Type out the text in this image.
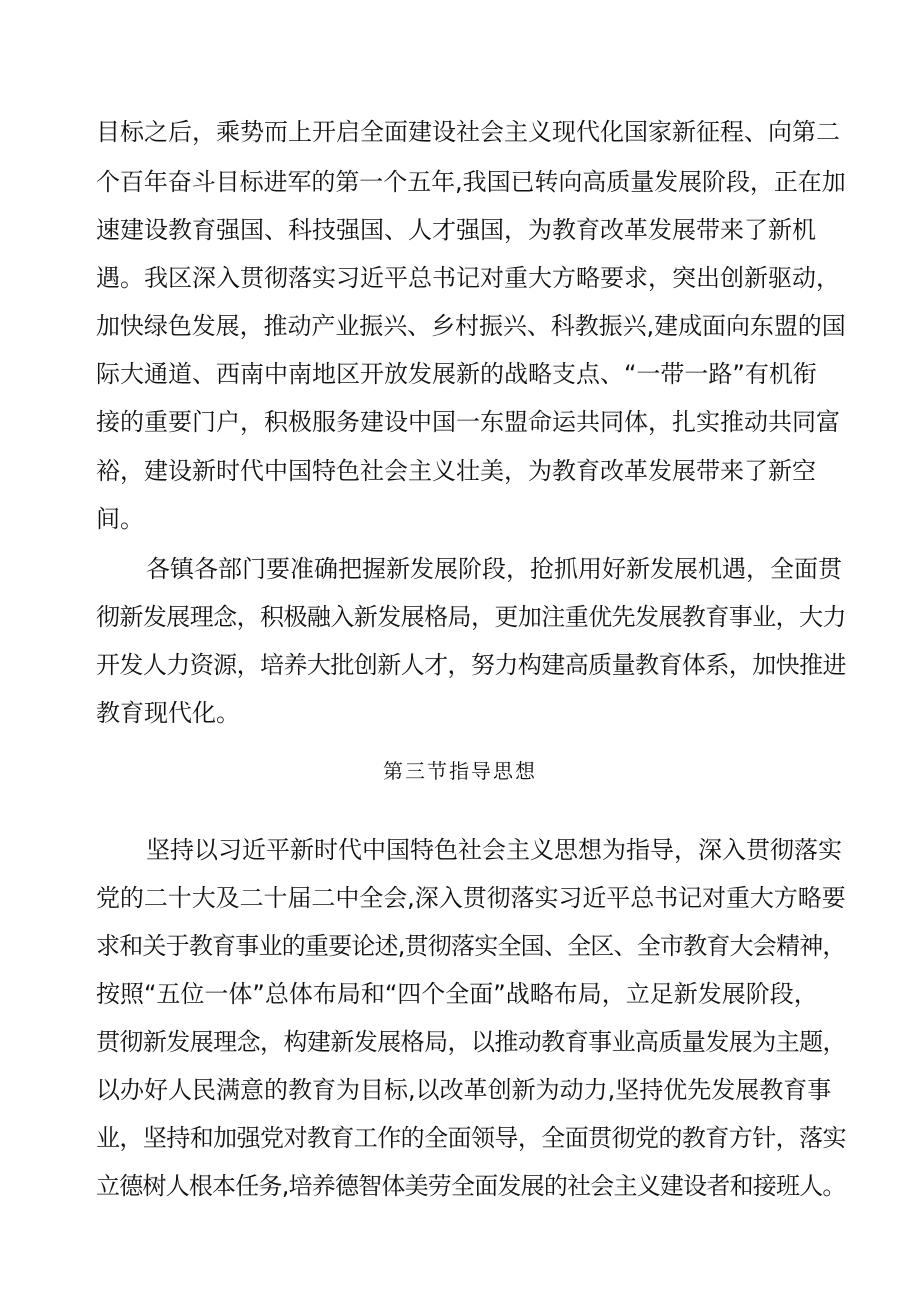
目标之后，乘势而上开启全面建设社会主义现代化国家新征程、向第二
个百年奋斗目标进军的第一个五年,我国已转向高质量发展阶段，正在加
速建设教育强国、科技强国、人才强国，为教育改革发展带来了新机
遇。我区深入贯彻落实习近平总书记对重大方略要求，突出创新驱动，
加快绿色发展，推动产业振兴、乡村振兴、科教振兴,建成面向东盟的国
际大通道、西南中南地区开放发展新的战略支点、“一带一路”有机衔
接的重要门户，积极服务建设中国一东盟命运共同体，扎实推动共同富
裕，建设新时代中国特色社会主义壮美，为教育改革发展带来了新空
间。
各镇各部门要准确把握新发展阶段，抢抓用好新发展机遇，全面贯
彻新发展理念，积极融入新发展格局，更加注重优先发展教育事业，大力
开发人力资源，培养大批创新人才，努力构建高质量教育体系，加快推进
教育现代化。
第三节指导思想
坚持以习近平新时代中国特色社会主义思想为指导，深入贯彻落实
党的二十大及二十届二中全会,深入贯彻落实习近平总书记对重大方略要
求和关于教育事业的重要论述,贯彻落实全国、全区、全市教育大会精神，
按照“五位一体”总体布局和“四个全面”战略布局，立足新发展阶段，
贯彻新发展理念，构建新发展格局，以推动教育事业高质量发展为主题，
以办好人民满意的教育为目标,以改革创新为动力,坚持优先发展教育事
业，坚持和加强党对教育工作的全面领导，全面贯彻党的教育方针，落实
立德树人根本任务,培养德智体美劳全面发展的社会主义建设者和接班人。
